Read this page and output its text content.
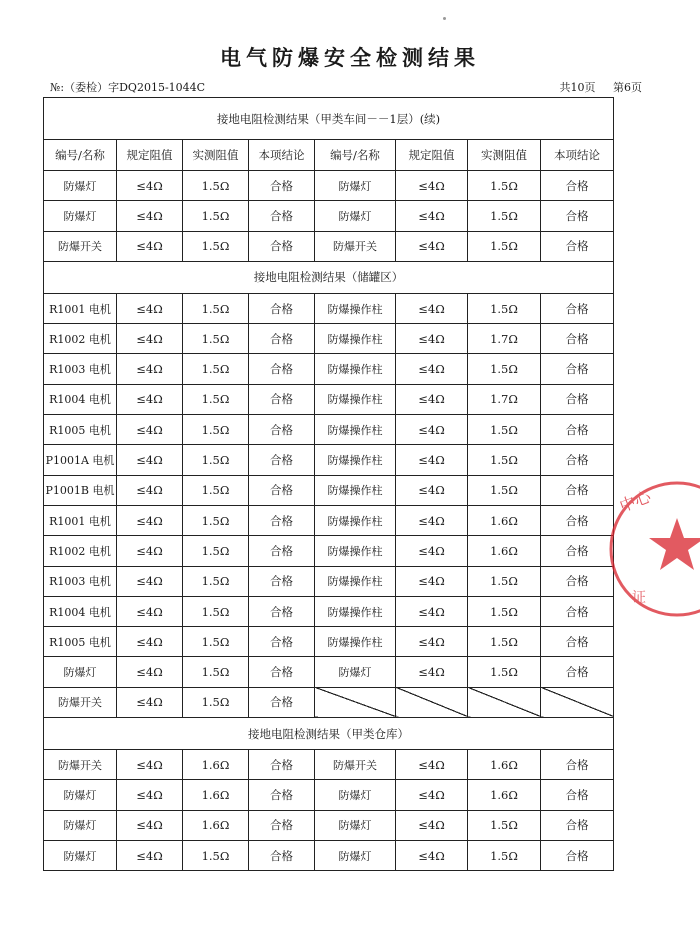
电气防爆安全检测结果
№:（委检）字DQ2015-1044C	共10页 第6页
接地电阻检测结果（甲类车间－－1层）(续)							
编号/名称	规定阻值	实测阻值	本项结论	编号/名称	规定阻值	实测阻值	本项结论
防爆灯	≤4Ω	1.5Ω	合格	防爆灯	≤4Ω	1.5Ω	合格
防爆灯	≤4Ω	1.5Ω	合格	防爆灯	≤4Ω	1.5Ω	合格
防爆开关	≤4Ω	1.5Ω	合格	防爆开关	≤4Ω	1.5Ω	合格
接地电阻检测结果（储罐区）							
R1001 电机	≤4Ω	1.5Ω	合格	防爆操作柱	≤4Ω	1.5Ω	合格
R1002 电机	≤4Ω	1.5Ω	合格	防爆操作柱	≤4Ω	1.7Ω	合格
R1003 电机	≤4Ω	1.5Ω	合格	防爆操作柱	≤4Ω	1.5Ω	合格
R1004 电机	≤4Ω	1.5Ω	合格	防爆操作柱	≤4Ω	1.7Ω	合格
R1005 电机	≤4Ω	1.5Ω	合格	防爆操作柱	≤4Ω	1.5Ω	合格
P1001A 电机	≤4Ω	1.5Ω	合格	防爆操作柱	≤4Ω	1.5Ω	合格
P1001B 电机	≤4Ω	1.5Ω	合格	防爆操作柱	≤4Ω	1.5Ω	合格
R1001 电机	≤4Ω	1.5Ω	合格	防爆操作柱	≤4Ω	1.6Ω	合格
R1002 电机	≤4Ω	1.5Ω	合格	防爆操作柱	≤4Ω	1.6Ω	合格
R1003 电机	≤4Ω	1.5Ω	合格	防爆操作柱	≤4Ω	1.5Ω	合格
R1004 电机	≤4Ω	1.5Ω	合格	防爆操作柱	≤4Ω	1.5Ω	合格
R1005 电机	≤4Ω	1.5Ω	合格	防爆操作柱	≤4Ω	1.5Ω	合格
防爆灯	≤4Ω	1.5Ω	合格	防爆灯	≤4Ω	1.5Ω	合格
防爆开关	≤4Ω	1.5Ω	合格				
接地电阻检测结果（甲类仓库）							
防爆开关	≤4Ω	1.6Ω	合格	防爆开关	≤4Ω	1.6Ω	合格
防爆灯	≤4Ω	1.6Ω	合格	防爆灯	≤4Ω	1.6Ω	合格
防爆灯	≤4Ω	1.6Ω	合格	防爆灯	≤4Ω	1.5Ω	合格
防爆灯	≤4Ω	1.5Ω	合格	防爆灯	≤4Ω	1.5Ω	合格
中心
证
